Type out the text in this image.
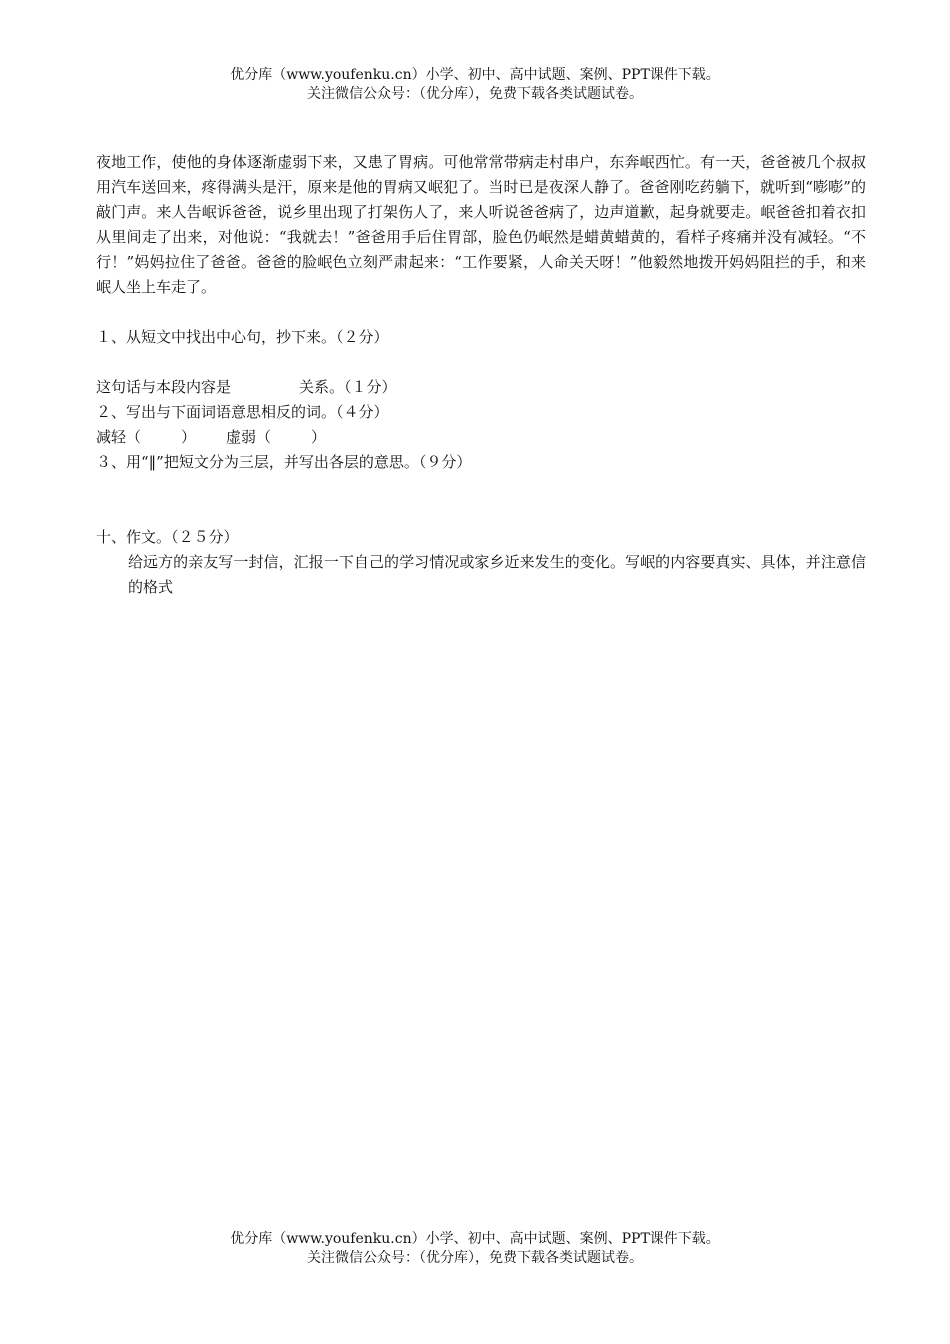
优分库（www.youfenku.cn）小学、初中、高中试题、案例、PPT课件下载。
关注微信公众号：（优分库），免费下载各类试题试卷。

夜地工作，使他的身体逐渐虚弱下来，又患了胃病。可他常常带病走村串户，东奔岷西忙。有一天，爸爸被几个叔叔用汽车送回来，疼得满头是汗，原来是他的胃病又岷犯了。当时已是夜深人静了。爸爸刚吃药躺下，就听到“嘭嘭”的敲门声。来人告岷诉爸爸，说乡里出现了打架伤人了，来人听说爸爸病了，边声道歉，起身就要走。岷爸爸扣着衣扣从里间走了出来，对他说：“我就去！”爸爸用手后住胃部，脸色仍岷然是蜡黄蜡黄的，看样子疼痛并没有减轻。“不行！”妈妈拉住了爸爸。爸爸的脸岷色立刻严肃起来：“工作要紧，人命关天呀！”他毅然地拨开妈妈阻拦的手，和来岷人坐上车走了。

１、从短文中找出中心句，抄下来。（２分）
这句话与本段内容是	关系。（１分）
２、写出与下面词语意思相反的词。（４分）
减轻（	） 虚弱（	）
３、用“‖”把短文分为三层，并写出各层的意思。（９分）
十、作文。（２５分）

给远方的亲友写一封信，汇报一下自己的学习情况或家乡近来发生的变化。写岷的内容要真实、具体，并注意信的格式

优分库（www.youfenku.cn）小学、初中、高中试题、案例、PPT课件下载。
关注微信公众号：（优分库），免费下载各类试题试卷。
